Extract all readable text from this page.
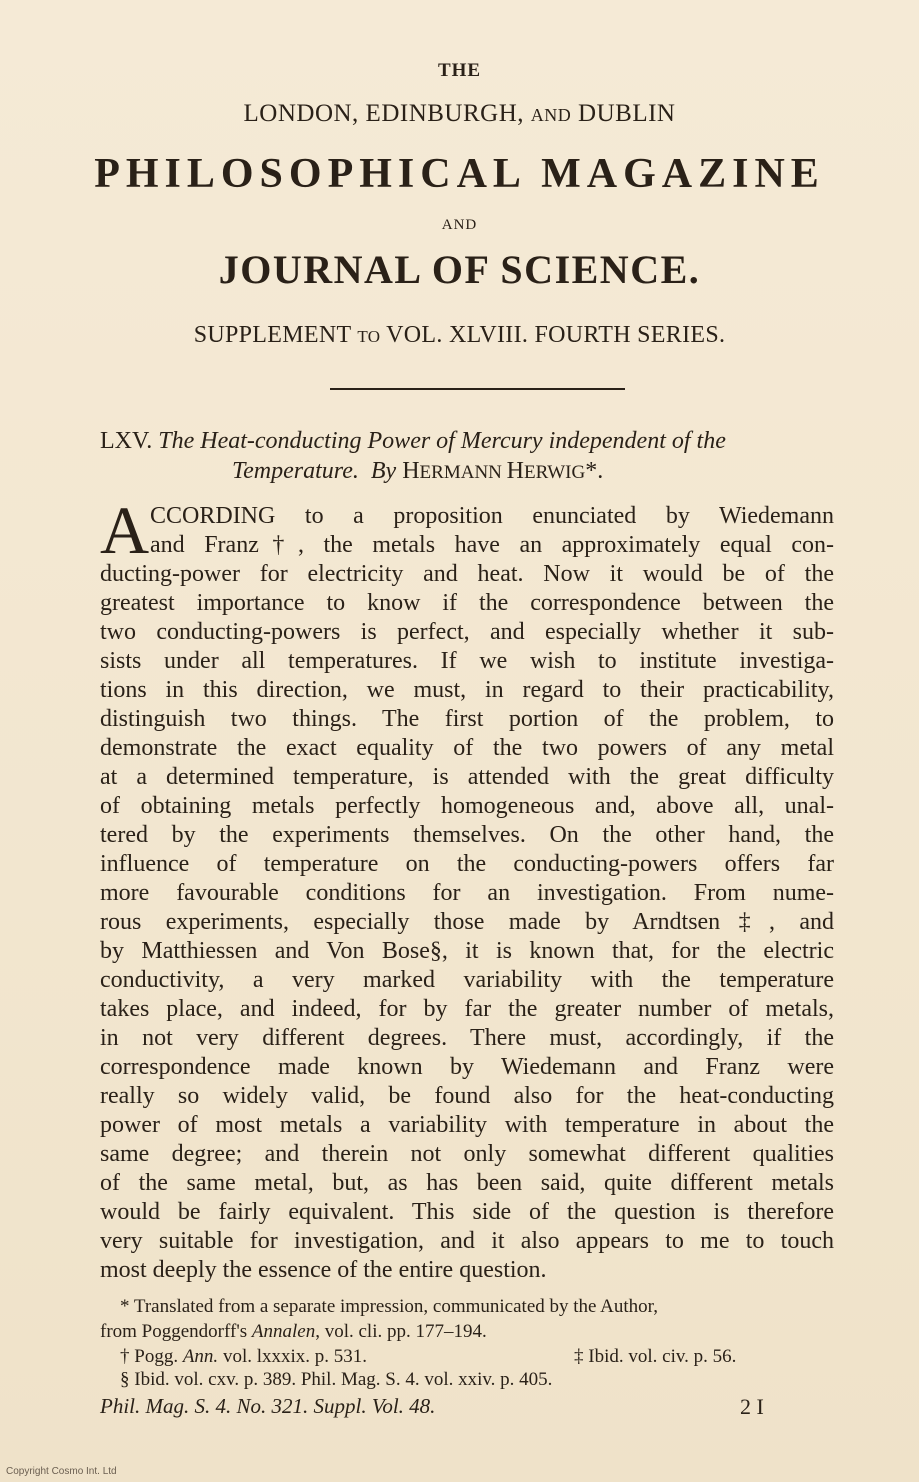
THE
LONDON, EDINBURGH, AND DUBLIN
PHILOSOPHICAL MAGAZINE
AND
JOURNAL OF SCIENCE.
SUPPLEMENT TO VOL. XLVIII. FOURTH SERIES.
LXV. The Heat-conducting Power of Mercury independent of the
Temperature. By HERMANN HERWIG*.
A CCORDING to a proposition enunciated by Wiedemann
and Franz†, the metals have an approximately equal con-
ducting-power for electricity and heat. Now it would be of the
greatest importance to know if the correspondence between the
two conducting-powers is perfect, and especially whether it sub-
sists under all temperatures. If we wish to institute investiga-
tions in this direction, we must, in regard to their practicability,
distinguish two things. The first portion of the problem, to
demonstrate the exact equality of the two powers of any metal
at a determined temperature, is attended with the great difficulty
of obtaining metals perfectly homogeneous and, above all, unal-
tered by the experiments themselves. On the other hand, the
influence of temperature on the conducting-powers offers far
more favourable conditions for an investigation. From nume-
rous experiments, especially those made by Arndtsen‡, and
by Matthiessen and Von Bose§, it is known that, for the electric
conductivity, a very marked variability with the temperature
takes place, and indeed, for by far the greater number of metals,
in not very different degrees. There must, accordingly, if the
correspondence made known by Wiedemann and Franz were
really so widely valid, be found also for the heat-conducting
power of most metals a variability with temperature in about the
same degree; and therein not only somewhat different qualities
of the same metal, but, as has been said, quite different metals
would be fairly equivalent. This side of the question is therefore
very suitable for investigation, and it also appears to me to touch
most deeply the essence of the entire question.
* Translated from a separate impression, communicated by the Author,
from Poggendorff's Annalen, vol. cli. pp. 177–194.
† Pogg. Ann. vol. lxxxix. p. 531.	‡ Ibid. vol. civ. p. 56.
§ Ibid. vol. cxv. p. 389. Phil. Mag. S. 4. vol. xxiv. p. 405.
Phil. Mag. S. 4. No. 321. Suppl. Vol. 48.	2 I
Copyright Cosmo Int. Ltd
